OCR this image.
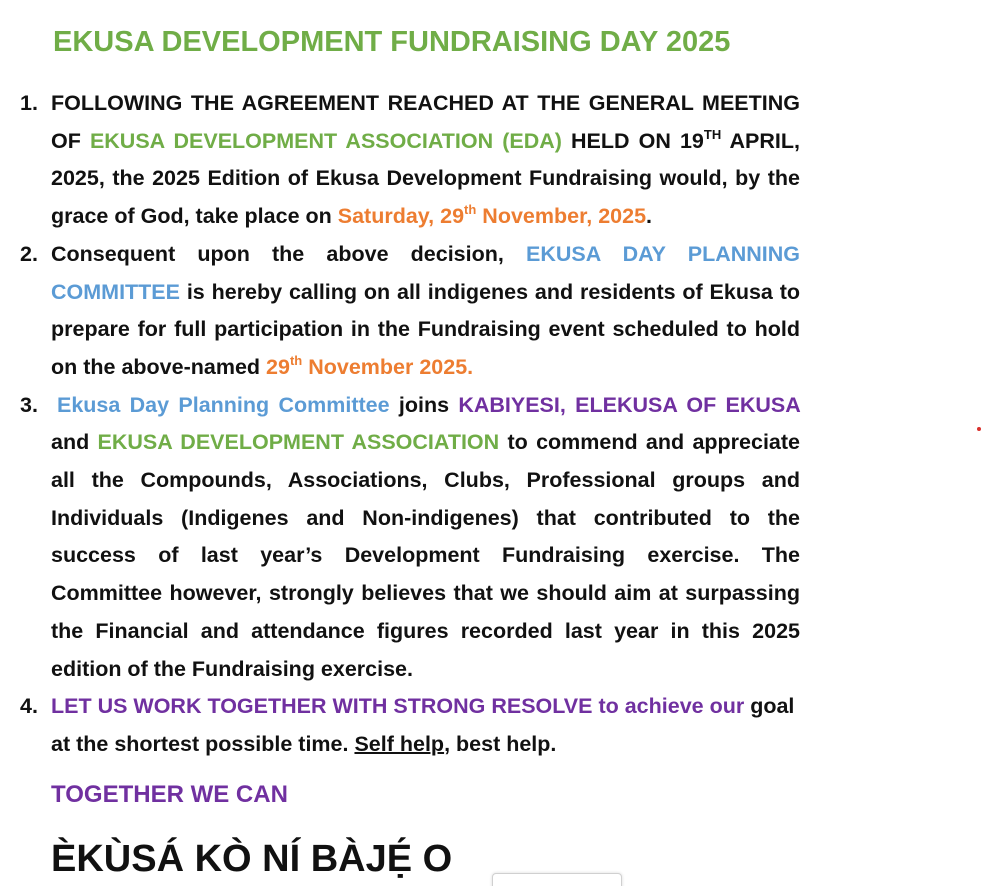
EKUSA DEVELOPMENT FUNDRAISING DAY 2025
1. FOLLOWING THE AGREEMENT REACHED AT THE GENERAL MEETING OF EKUSA DEVELOPMENT ASSOCIATION (EDA) HELD ON 19TH APRIL, 2025, the 2025 Edition of Ekusa Development Fundraising would, by the grace of God, take place on Saturday, 29th November, 2025.
2. Consequent upon the above decision, EKUSA DAY PLANNING COMMITTEE is hereby calling on all indigenes and residents of Ekusa to prepare for full participation in the Fundraising event scheduled to hold on the above-named 29th November 2025.
3. Ekusa Day Planning Committee joins KABIYESI, ELEKUSA OF EKUSA and EKUSA DEVELOPMENT ASSOCIATION to commend and appreciate all the Compounds, Associations, Clubs, Professional groups and Individuals (Indigenes and Non-indigenes) that contributed to the success of last year’s Development Fundraising exercise. The Committee however, strongly believes that we should aim at surpassing the Financial and attendance figures recorded last year in this 2025 edition of the Fundraising exercise.
4. LET US WORK TOGETHER WITH STRONG RESOLVE to achieve our goal at the shortest possible time. Self help, best help.
TOGETHER WE CAN
ÈKÙSÁ KÒ NÍ BÀJẸ́ O
